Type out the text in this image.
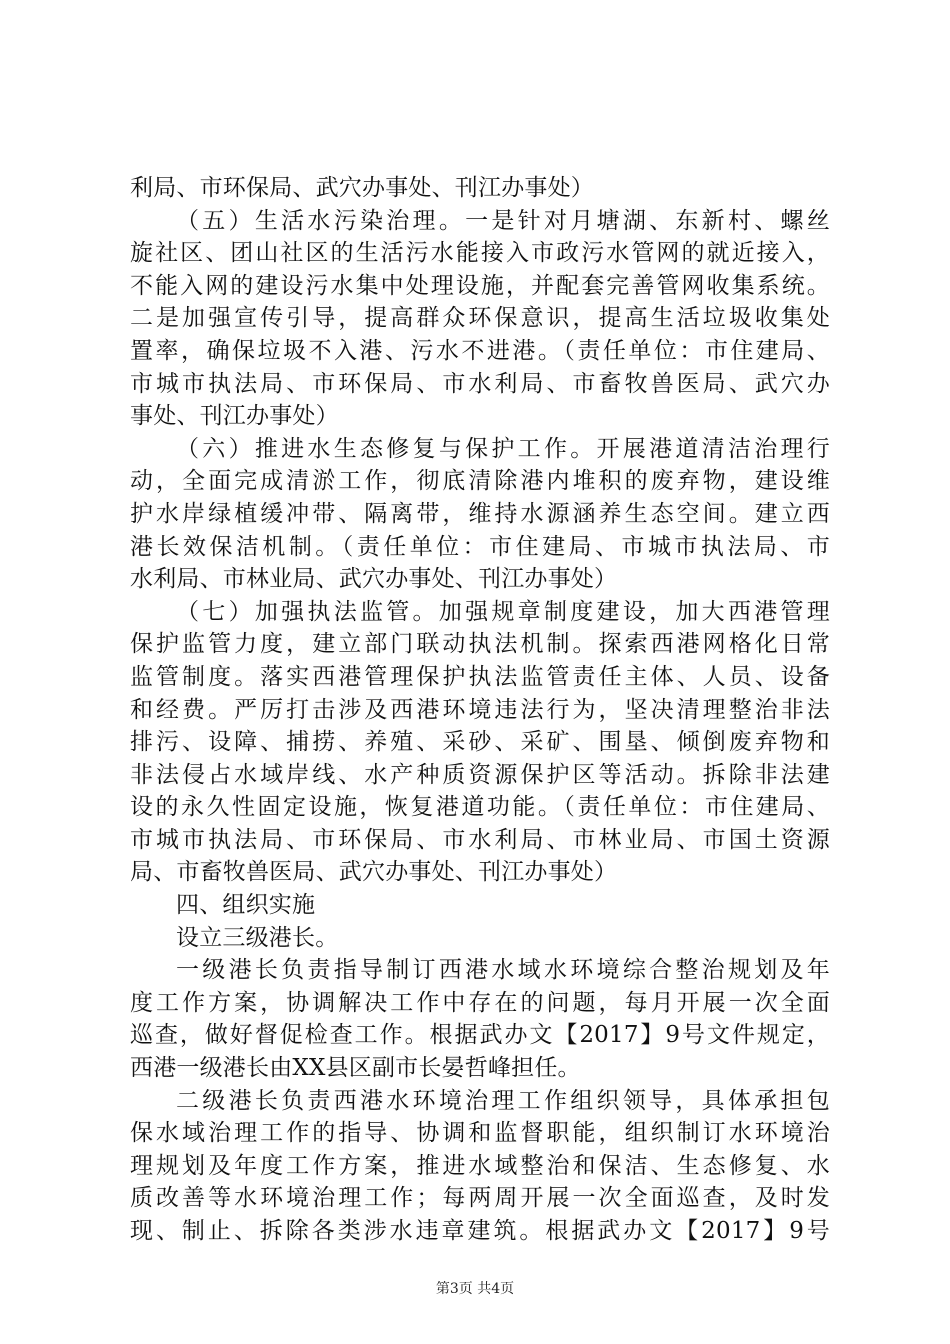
利局、市环保局、武穴办事处、刊江办事处）
（五）生活水污染治理。一是针对月塘湖、东新村、螺丝
旋社区、团山社区的生活污水能接入市政污水管网的就近接入，
不能入网的建设污水集中处理设施，并配套完善管网收集系统。
二是加强宣传引导，提高群众环保意识，提高生活垃圾收集处
置率，确保垃圾不入港、污水不进港。（责任单位：市住建局、
市城市执法局、市环保局、市水利局、市畜牧兽医局、武穴办
事处、刊江办事处）
（六）推进水生态修复与保护工作。开展港道清洁治理行
动，全面完成清淤工作，彻底清除港内堆积的废弃物，建设维
护水岸绿植缓冲带、隔离带，维持水源涵养生态空间。建立西
港长效保洁机制。（责任单位：市住建局、市城市执法局、市
水利局、市林业局、武穴办事处、刊江办事处）
（七）加强执法监管。加强规章制度建设，加大西港管理
保护监管力度，建立部门联动执法机制。探索西港网格化日常
监管制度。落实西港管理保护执法监管责任主体、人员、设备
和经费。严厉打击涉及西港环境违法行为，坚决清理整治非法
排污、设障、捕捞、养殖、采砂、采矿、围垦、倾倒废弃物和
非法侵占水域岸线、水产种质资源保护区等活动。拆除非法建
设的永久性固定设施，恢复港道功能。（责任单位：市住建局、
市城市执法局、市环保局、市水利局、市林业局、市国土资源
局、市畜牧兽医局、武穴办事处、刊江办事处）
四、组织实施
设立三级港长。
一级港长负责指导制订西港水域水环境综合整治规划及年
度工作方案，协调解决工作中存在的问题，每月开展一次全面
巡查，做好督促检查工作。根据武办文【2017】9号文件规定，
西港一级港长由XX县区副市长晏哲峰担任。
二级港长负责西港水环境治理工作组织领导，具体承担包
保水域治理工作的指导、协调和监督职能，组织制订水环境治
理规划及年度工作方案，推进水域整治和保洁、生态修复、水
质改善等水环境治理工作；每两周开展一次全面巡查，及时发
现、制止、拆除各类涉水违章建筑。根据武办文【2017】9号
第3页 共4页
